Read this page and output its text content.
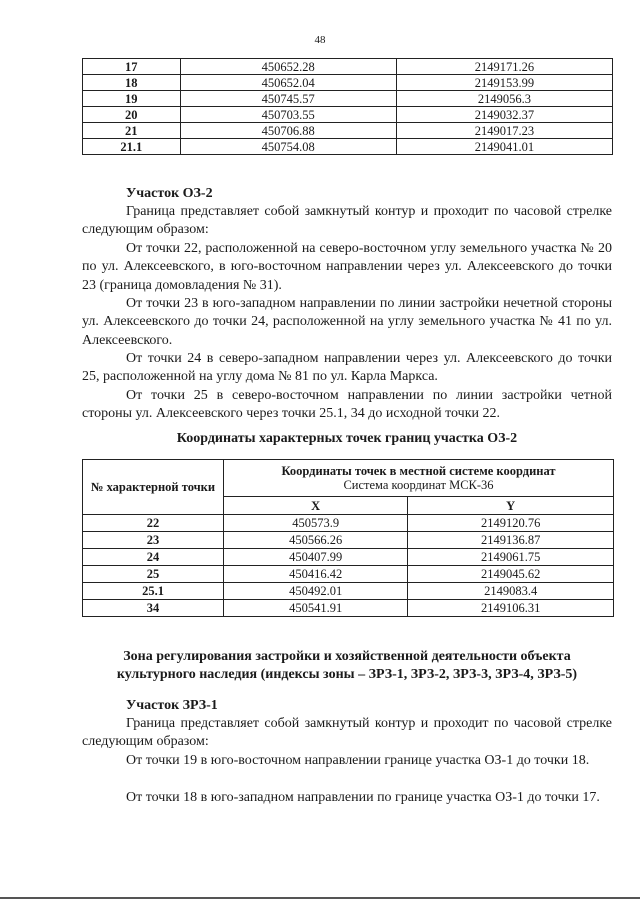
48
17	450652.28	2149171.26
18	450652.04	2149153.99
19	450745.57	2149056.3
20	450703.55	2149032.37
21	450706.88	2149017.23
21.1	450754.08	2149041.01
Участок ОЗ-2
Граница представляет собой замкнутый контур и проходит по часовой стрелке следующим образом:
От точки 22, расположенной на северо-восточном углу земельного участка № 20 по ул. Алексеевского, в юго-восточном направлении через ул. Алексеевского до точки 23 (граница домовладения № 31).
От точки 23 в юго-западном направлении по линии застройки нечетной стороны ул. Алексеевского до точки 24, расположенной на углу земельного участка № 41 по ул. Алексеевского.
От точки 24 в северо-западном направлении через ул. Алексеевского до точки 25, расположенной на углу дома № 81 по ул. Карла Маркса.
От точки 25 в северо-восточном направлении по линии застройки четной стороны ул. Алексеевского через точки 25.1, 34 до исходной точки 22.
Координаты характерных точек границ участка ОЗ-2
№ характерной точки	Координаты точек в местной системе координат
Система координат МСК-36	

	X	Y
22	450573.9	2149120.76
23	450566.26	2149136.87
24	450407.99	2149061.75
25	450416.42	2149045.62
25.1	450492.01	2149083.4
34	450541.91	2149106.31
Зона регулирования застройки и хозяйственной деятельности объекта
культурного наследия (индексы зоны – ЗРЗ-1, ЗРЗ-2, ЗРЗ-3, ЗРЗ-4, ЗРЗ-5)
Участок ЗРЗ-1
Граница представляет собой замкнутый контур и проходит по часовой стрелке следующим образом:
От точки 19 в юго-восточном направлении границе участка ОЗ-1 до точки 18.
От точки 18 в юго-западном направлении по границе участка ОЗ-1 до точки 17.
